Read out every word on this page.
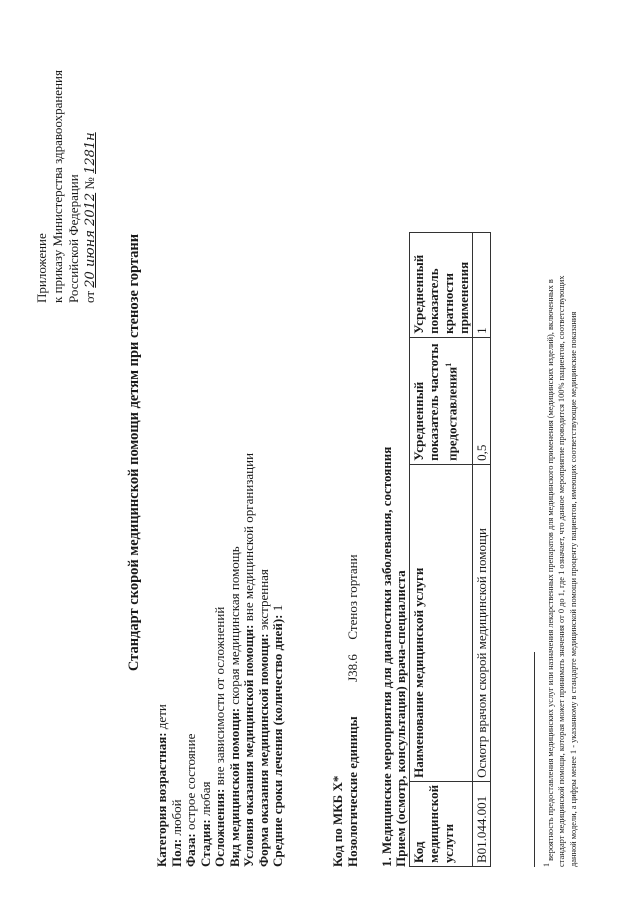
Приложение к приказу Министерства здравоохранения Российской Федерации от 20 июня 2012 № 1281н
Стандарт скорой медицинской помощи детям при стенозе гортани
Категория возрастная: дети
Пол: любой
Фаза: острое состояние
Стадия: любая Осложнения: вне зависимости от осложнений Вид медицинской помощи: скорая медицинская помощь Условия оказания медицинской помощи: вне медицинской организации
Форма оказания медицинской помощи: экстренная
Средние сроки лечения (количество дней): 1
Код по МКБ X* Нозологические единицы  J38.6  Стеноз гортани 1. Медицинские мероприятия для диагностики заболевания, состояния Прием (осмотр, консультация) врача-специалиста Код медицинской услуги	Наименование медицинской услуги	Усредненный показатель частоты предоставления$^1$	Усредненный показатель кратности применения
B01.044.001	Осмотр врачом скорой медицинской помощи	0,5	1
$^1$ вероятность предоставления медицинских услуг или назначения лекарственных препаратов для медицинского применения (медицинских изделий), включенных в стандарт медицинской помощи, которая может принимать значения от 0 до 1, где 1 означает, что данное мероприятие проводится 100% пациентов, соответствующих данной модели, а цифры менее 1 - указанному в стандарте медицинской помощи проценту пациентов, имеющих соответствующие медицинские показания
